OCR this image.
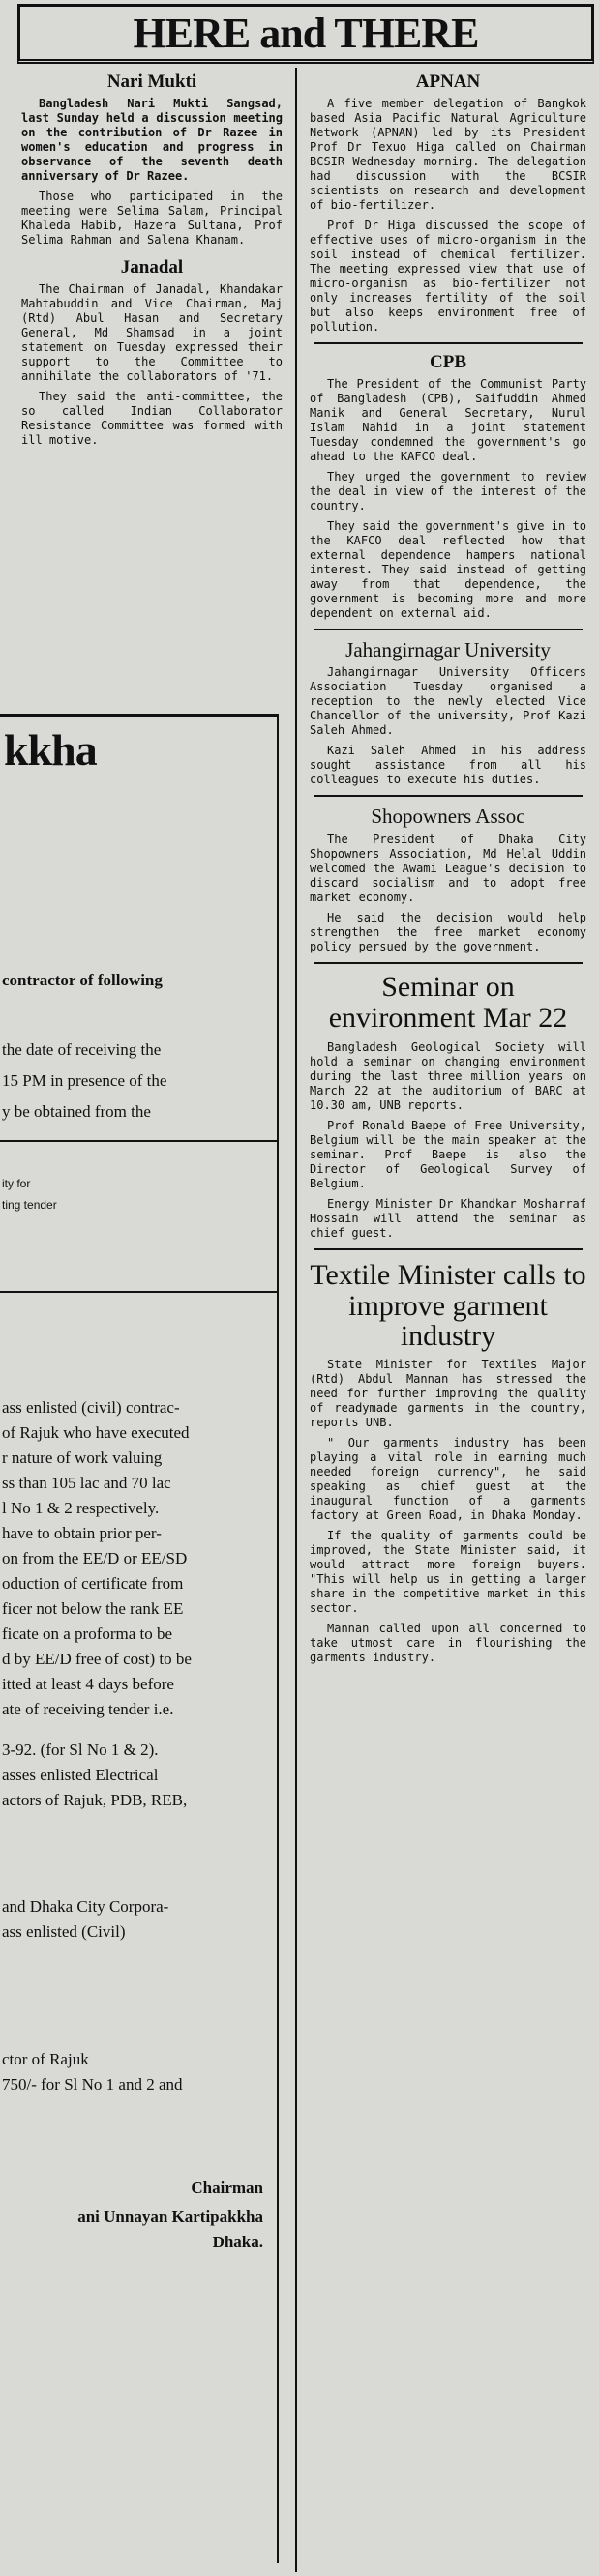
HERE and THERE
Nari Mukti

Bangladesh Nari Mukti Sangsad, last Sunday held a discussion meeting on the contribution of Dr Razee in women's education and progress in observance of the seventh death anniversary of Dr Razee.

Those who participated in the meeting were Selima Salam, Principal Khaleda Habib, Hazera Sultana, Prof Selima Rahman and Salena Khanam.

Janadal

The Chairman of Janadal, Khandakar Mahtabuddin and Vice Chairman, Maj (Rtd) Abul Hasan and Secretary General, Md Shamsad in a joint statement on Tuesday expressed their support to the Committee to annihilate the collaborators of '71.

They said the anti-committee, the so called Indian Collaborator Resistance Committee was formed with ill motive.

kkha
contractor of following
the date of receiving the
15 PM in presence of the
y be obtained from the
ity for
ting tender
ass enlisted (civil) contrac-
of Rajuk who have executed
r nature of work valuing
ss than 105 lac and 70 lac
l No 1 & 2 respectively.
have to obtain prior per-
on from the EE/D or EE/SD
oduction of certificate from
ficer not below the rank EE
ficate on a proforma to be
d by EE/D free of cost) to be
itted at least 4 days before
ate of receiving tender i.e.
3-92. (for Sl No 1 & 2).
asses enlisted Electrical
actors of Rajuk, PDB, REB,
and Dhaka City Corpora-
ass enlisted (Civil)
ctor of Rajuk
750/- for Sl No 1 and 2 and
Chairman
ani Unnayan Kartipakkha
Dhaka.
APNAN

A five member delegation of Bangkok based Asia Pacific Natural Agriculture Network (APNAN) led by its President Prof Dr Texuo Higa called on Chairman BCSIR Wednesday morning. The delegation had discussion with the BCSIR scientists on research and development of bio-fertilizer.

Prof Dr Higa discussed the scope of effective uses of micro-organism in the soil instead of chemical fertilizer. The meeting expressed view that use of micro-organism as bio-fertilizer not only increases fertility of the soil but also keeps environment free of pollution.

CPB

The President of the Communist Party of Bangladesh (CPB), Saifuddin Ahmed Manik and General Secretary, Nurul Islam Nahid in a joint statement Tuesday condemned the government's go ahead to the KAFCO deal.

They urged the government to review the deal in view of the interest of the country.

They said the government's give in to the KAFCO deal reflected how that external dependence hampers national interest. They said instead of getting away from that dependence, the government is becoming more and more dependent on external aid.

Jahangirnagar University

Jahangirnagar University Officers Association Tuesday organised a reception to the newly elected Vice Chancellor of the university, Prof Kazi Saleh Ahmed.

Kazi Saleh Ahmed in his address sought assistance from all his colleagues to execute his duties.

Shopowners Assoc

The President of Dhaka City Shopowners Association, Md Helal Uddin welcomed the Awami League's decision to discard socialism and to adopt free market economy.

He said the decision would help strengthen the free market economy policy persued by the government.

Seminar on environment Mar 22

Bangladesh Geological Society will hold a seminar on changing environment during the last three million years on March 22 at the auditorium of BARC at 10.30 am, UNB reports.

Prof Ronald Baepe of Free University, Belgium will be the main speaker at the seminar. Prof Baepe is also the Director of Geological Survey of Belgium.

Energy Minister Dr Khandkar Mosharraf Hossain will attend the seminar as chief guest.

Textile Minister calls to improve garment industry

State Minister for Textiles Major (Rtd) Abdul Mannan has stressed the need for further improving the quality of readymade garments in the country, reports UNB.

" Our garments industry has been playing a vital role in earning much needed foreign currency", he said speaking as chief guest at the inaugural function of a garments factory at Green Road, in Dhaka Monday.

If the quality of garments could be improved, the State Minister said, it would attract more foreign buyers. "This will help us in getting a larger share in the competitive market in this sector.

Mannan called upon all concerned to take utmost care in flourishing the garments industry.
